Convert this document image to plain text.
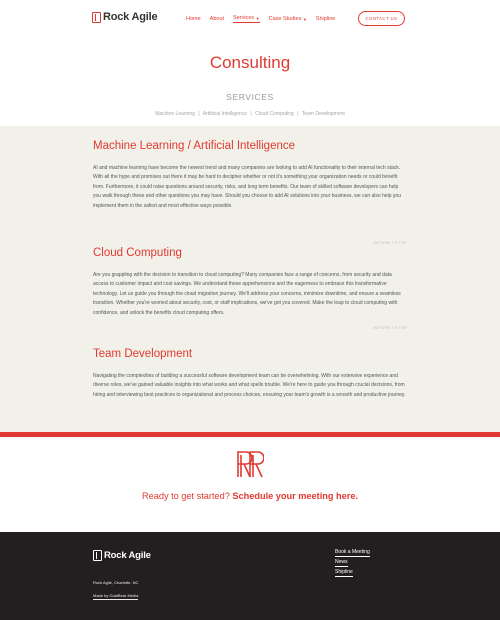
Rock Agile	Home About Services ▼ Case Studies ▼ Shipline	CONTACT US
Consulting
SERVICES
Machine Learning | Artificial Intelligence | Cloud Computing | Team Development
Machine Learning / Artificial Intelligence
AI and machine learning have become the newest trend and many companies are looking to add AI functionality to their internal tech stack. With all the hype and promises out there it may be hard to decipher whether or not it's something your organization needs or could benefit from. Furthermore, it could raise questions around security, risks, and long term benefits. Our team of skilled software developers can help you walk through these and other questions you may have. Should you choose to add AI solutions into your business, we can also help you implement them in the safest and most effective ways possible.
RETURN TO TOP
Cloud Computing
Are you grappling with the decision to transition to cloud computing? Many companies face a range of concerns, from security and data access to customer impact and cost savings. We understand these apprehensions and the eagerness to embrace this transformative technology. Let us guide you through the cloud migration journey. We'll address your concerns, minimize downtime, and ensure a seamless transition. Whether you're worried about security, cost, or staff implications, we've got you covered. Make the leap to cloud computing with confidence, and unlock the benefits cloud computing offers.
RETURN TO TOP
Team Development
Navigating the complexities of building a successful software development team can be overwhelming. With our extensive experience and diverse roles, we've gained valuable insights into what works and what spells trouble. We're here to guide you through crucial decisions, from hiring and interviewing best practices to organizational and process choices, ensuring your team's growth is a smooth and productive journey.
Ready to get started? Schedule your meeting here.
Rock Agile
Rock Agile, Charlotte, NC
Made by GoldBear Media
Book a Meeting
News
Shipline
